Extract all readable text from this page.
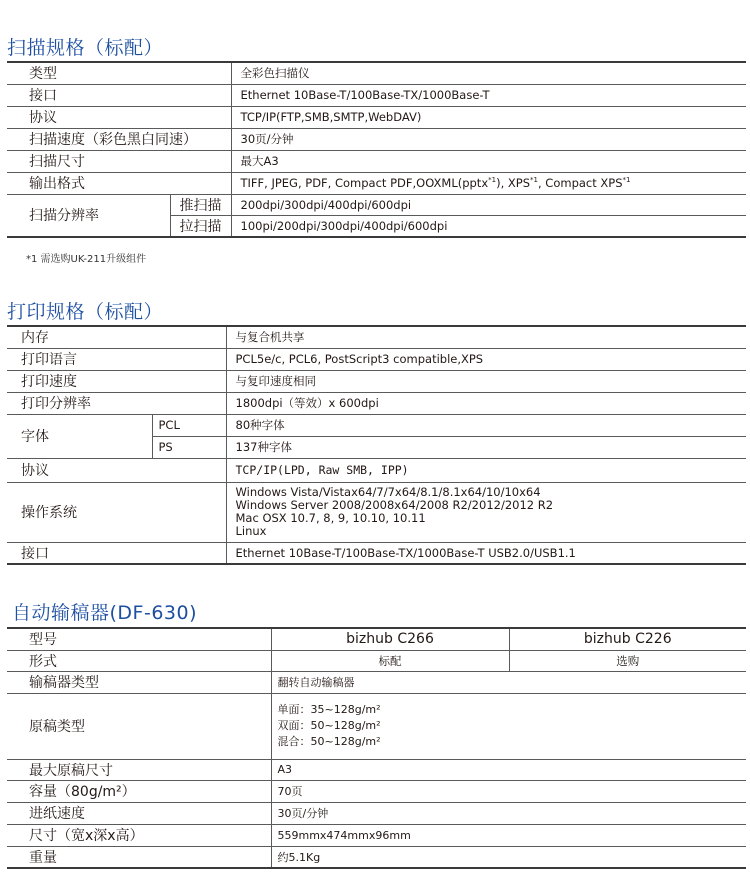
扫描规格（标配）
类型		全彩色扫描仪
接口		Ethernet 10Base-T/100Base-TX/1000Base-T
协议		TCP/IP(FTP,SMB,SMTP,WebDAV)
扫描速度（彩色黑白同速）		30页/分钟
扫描尺寸		最大A3
输出格式		TIFF, JPEG, PDF, Compact PDF,OOXML(pptx$^{*1}$), XPS$^{*1}$, Compact XPS$^{*1}$
扫描分辨率	推扫描	200dpi/300dpi/400dpi/600dpi
	拉扫描	100pi/200dpi/300dpi/400dpi/600dpi
*1 需选购UK-211升级组件
打印规格（标配）
内存		与复合机共享
打印语言		PCL5e/c, PCL6, PostScript3 compatible,XPS
打印速度		与复印速度相同
打印分辨率		1800dpi（等效）x 600dpi
字体	PCL	80种字体
	PS	137种字体
协议		TCP/IP(LPD, Raw SMB, IPP)
操作系统		Windows Vista/Vistax64/7/7x64/8.1/8.1x64/10/10x64
Windows Server 2008/2008x64/2008 R2/2012/2012 R2
Mac OSX 10.7, 8, 9, 10.10, 10.11
Linux

接口		Ethernet 10Base-T/100Base-TX/1000Base-T USB2.0/USB1.1
自动输稿器(DF-630)
型号	bizhub C266	bizhub C226
形式	标配	选购
输稿器类型	翻转自动输稿器	
原稿类型	单面：35~128g/m²
双面：50~128g/m²
混合：50~128g/m²	

最大原稿尺寸	A3	
容量（80g/m²）	70页	
进纸速度	30页/分钟	
尺寸（宽x深x高）	559mmx474mmx96mm	
重量	约5.1Kg	
